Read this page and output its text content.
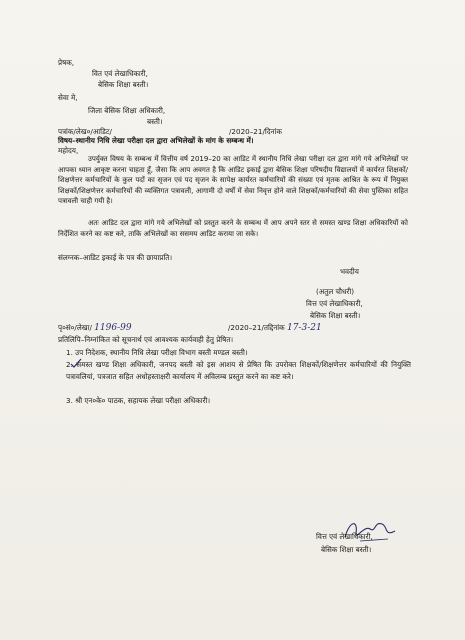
प्रेषक,
वित एवं लेखाधिकारी,
बेसिक शिक्षा बस्ती।
सेवा मे,
जिला बेसिक शिक्षा अधिकारी,
बस्ती।
पत्रांक/लेख०/आडिट/	/2020–21/दिनांक
विषय–स्थानीय निधि लेखा परीक्षा दल द्वारा अभिलेखों के मांग के सम्बन्ध में।
महोदय,
उपर्युक्त विषय के सम्बन्ध में वित्तीय वर्ष 2019–20 का आडिट में स्थानीय निधि लेखा परीक्षा दल द्वारा मांगे गये अभिलेखों पर आपका ध्यान आकृष्ट करना चाहता हूँ, जैसा कि आप अवगत है कि आडिट इकाई द्वारा बेसिक शिक्षा परिषदीय विद्यालयों में कार्यरत शिक्षकों/शिक्षणेत्तर कर्मचारियों के कुल पदों का सृजन एवं पद सृजन के सापेक्ष कार्यरत कर्मचारियों की संख्या एवं मृतक आश्रित के रूप में नियुक्त शिक्षकों/शिक्षणेत्तर कर्मचारियों की व्यक्तिगत पत्रावली, आगामी दो वर्षों में सेवा निवृत्त होने वाले शिक्षकों/कर्मचारियों की सेवा पुस्तिका सहित पत्रावली चाही गयी है।
अतः आडिट दल द्वारा मांगे गये अभिलेखों को प्रस्तुत करने के सम्बन्ध में आप अपने स्तर से समस्त खण्ड शिक्षा अधिकारियों को निर्देशित करने का कष्ट करे, ताकि अभिलेखों का ससमय आडिट कराया जा सके।
संलग्नक–आडिट इकाई के पत्र की छायाप्रति।
भवदीय
(अतुल चौधरी)
वित्त एवं लेखाधिकारी,
बेसिक शिक्षा बस्ती।
पृ०सं०/लेखा/ 1196-99	/2020–21/तद्दिनांक 17-3-21
प्रतिलिपि–निम्नांकित को सूचनार्थ एवं आवश्यक कार्यवाही हेतु प्रेषित।
1. उप निदेशक, स्थानीय निधि लेखा परीक्षा विभाग बस्ती मण्डल बस्ती।
2. समस्त खण्ड शिक्षा अधिकारी, जनपद बस्ती को इस आशय से प्रेषित कि उपरोक्त शिक्षकों/शिक्षणेत्तर कर्मचारियों की नियुक्ति पत्रावलियां, पत्रजात सहित अधोहस्ताक्षरी कार्यालय में अविलम्ब प्रस्तुत करने का कष्ट करे।
3. श्री एन०के० पाठक, सहायक लेखा परीक्षा अधिकारी।
वित्त एवं लेखाधिकारी,
बेसिक शिक्षा बस्ती।
